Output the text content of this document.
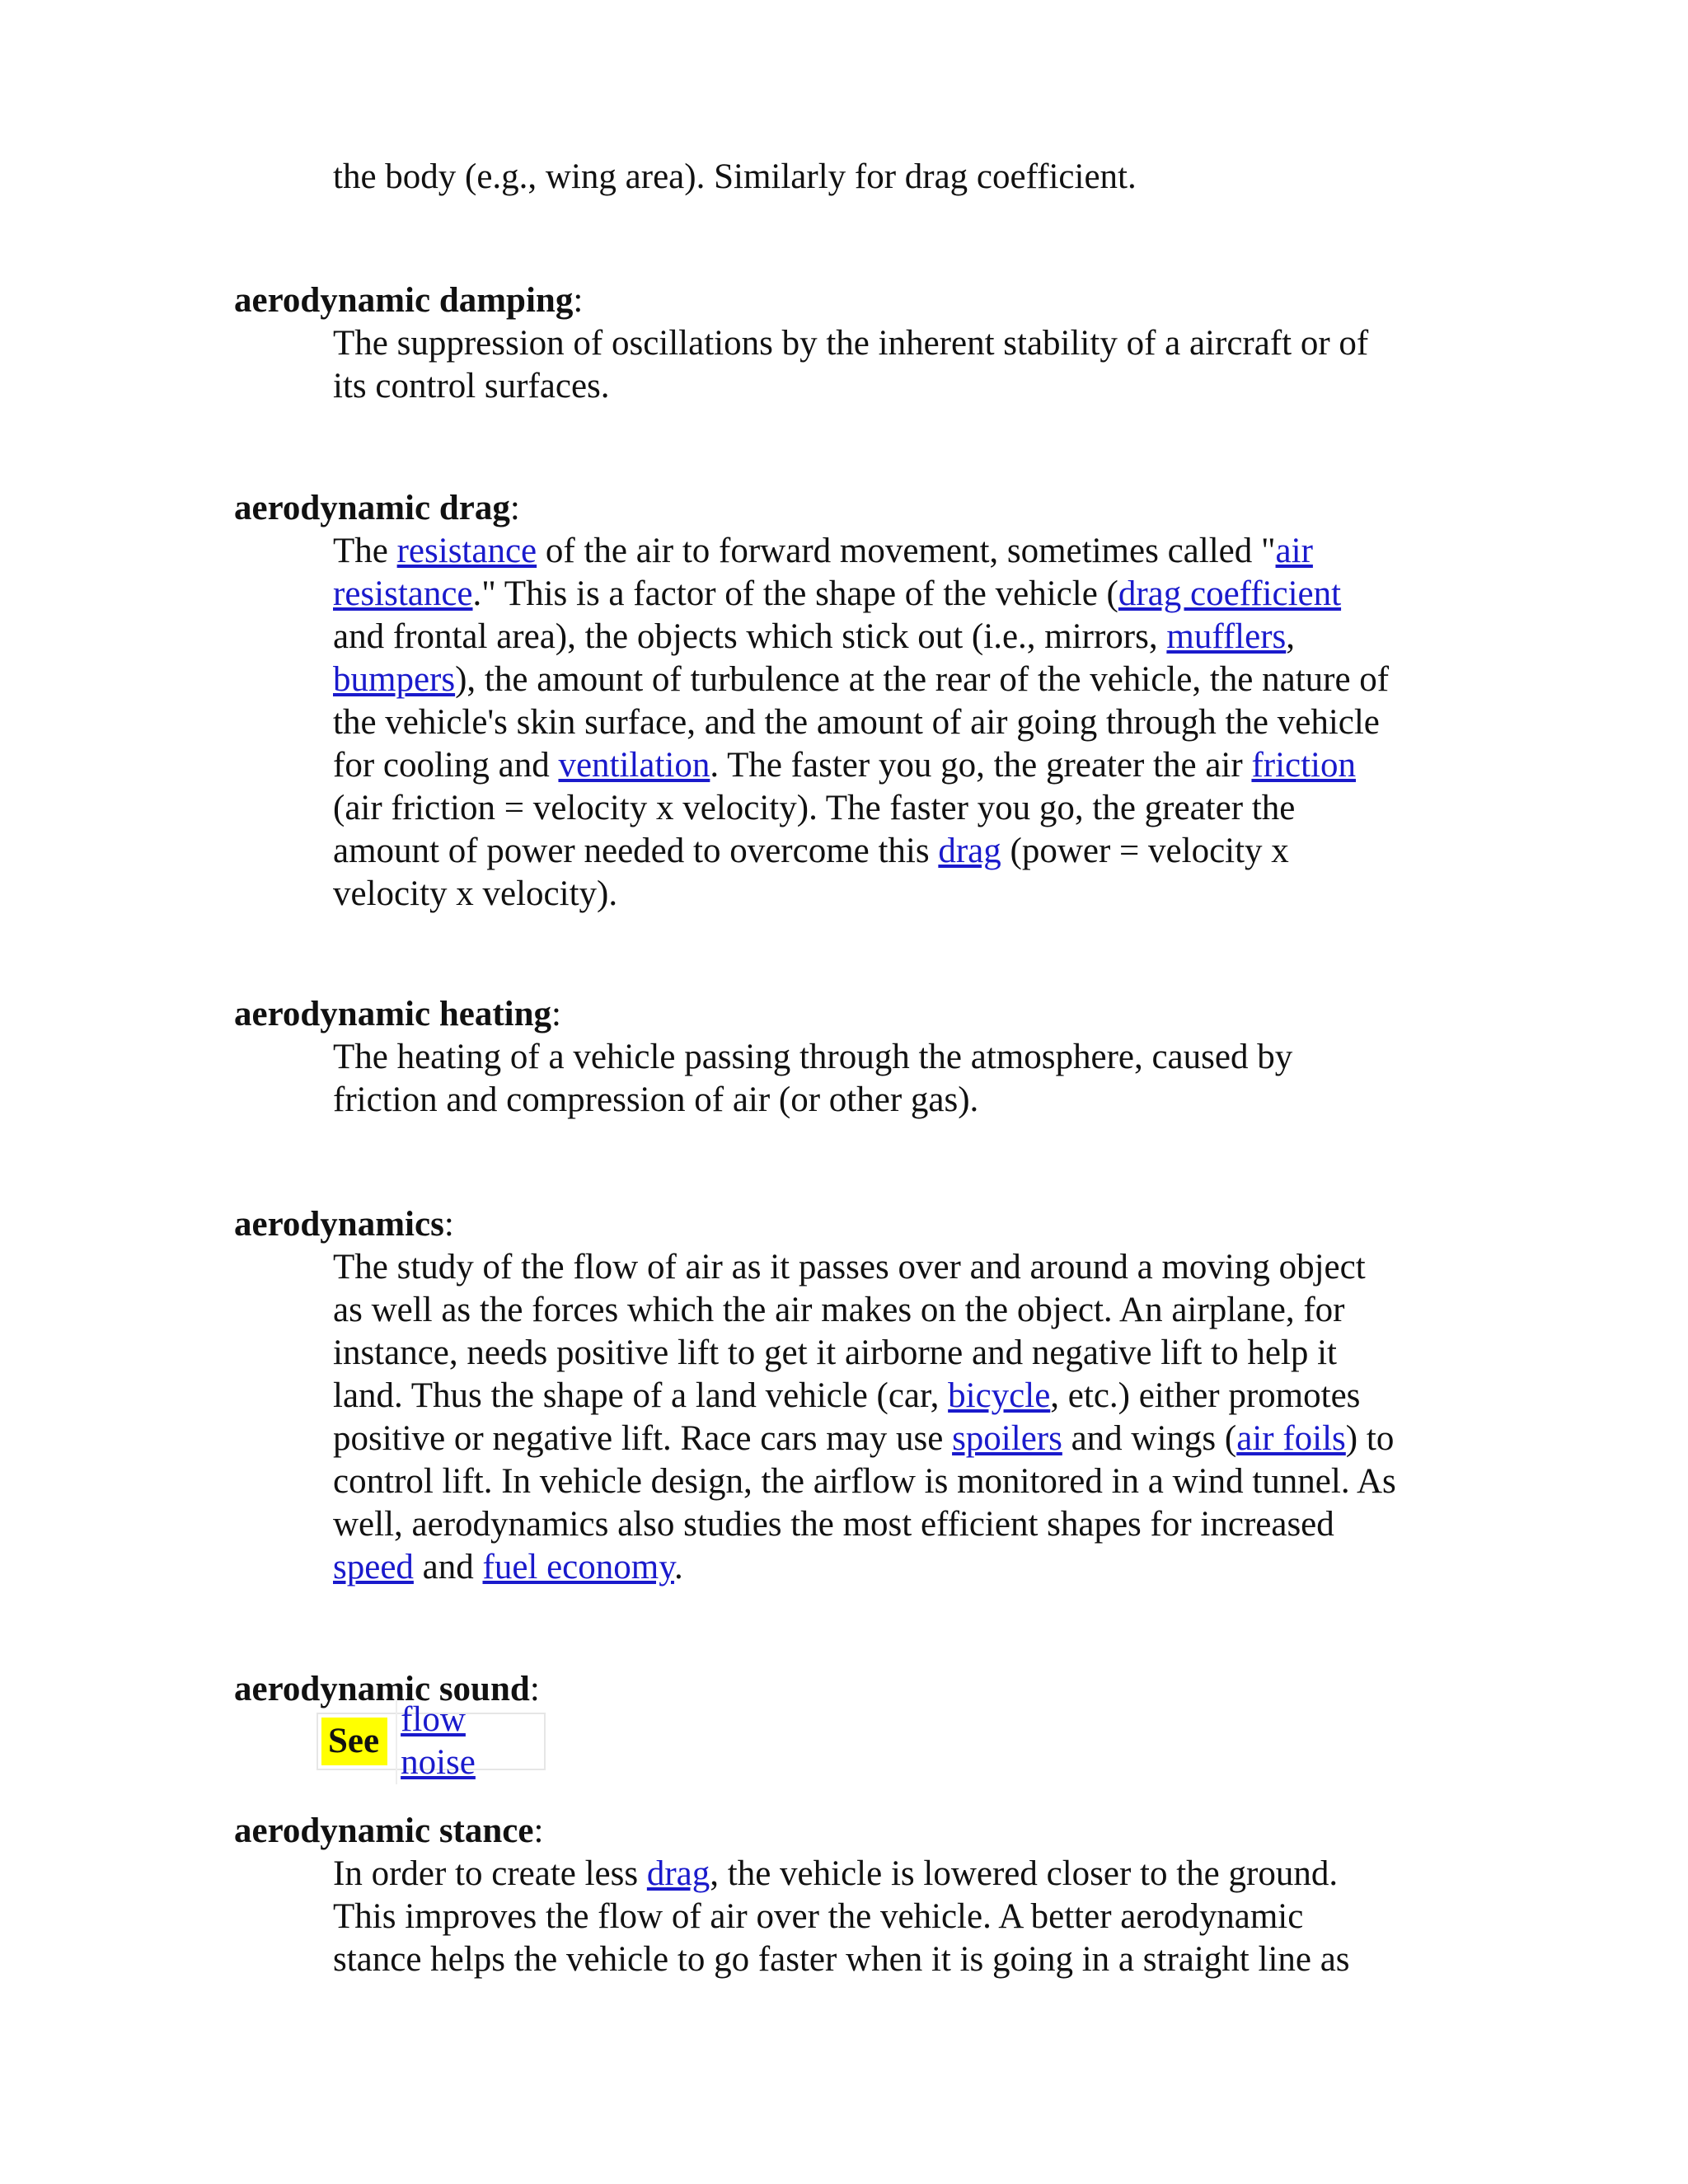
the body (e.g., wing area). Similarly for drag coefficient.

aerodynamic damping:

The suppression of oscillations by the inherent stability of a aircraft or of
its control surfaces.

aerodynamic drag:

The resistance of the air to forward movement, sometimes called "air
resistance." This is a factor of the shape of the vehicle (drag coefficient
and frontal area), the objects which stick out (i.e., mirrors, mufflers,
bumpers), the amount of turbulence at the rear of the vehicle, the nature of
the vehicle's skin surface, and the amount of air going through the vehicle
for cooling and ventilation. The faster you go, the greater the air friction
(air friction = velocity x velocity). The faster you go, the greater the
amount of power needed to overcome this drag (power = velocity x
velocity x velocity).

aerodynamic heating:

The heating of a vehicle passing through the atmosphere, caused by
friction and compression of air (or other gas).

aerodynamics:

The study of the flow of air as it passes over and around a moving object
as well as the forces which the air makes on the object. An airplane, for
instance, needs positive lift to get it airborne and negative lift to help it
land. Thus the shape of a land vehicle (car, bicycle, etc.) either promotes
positive or negative lift. Race cars may use spoilers and wings (air foils) to
control lift. In vehicle design, the airflow is monitored in a wind tunnel. As
well, aerodynamics also studies the most efficient shapes for increased
speed and fuel economy.

aerodynamic sound:

See
flow noise

aerodynamic stance:

In order to create less drag, the vehicle is lowered closer to the ground.
This improves the flow of air over the vehicle. A better aerodynamic
stance helps the vehicle to go faster when it is going in a straight line as
